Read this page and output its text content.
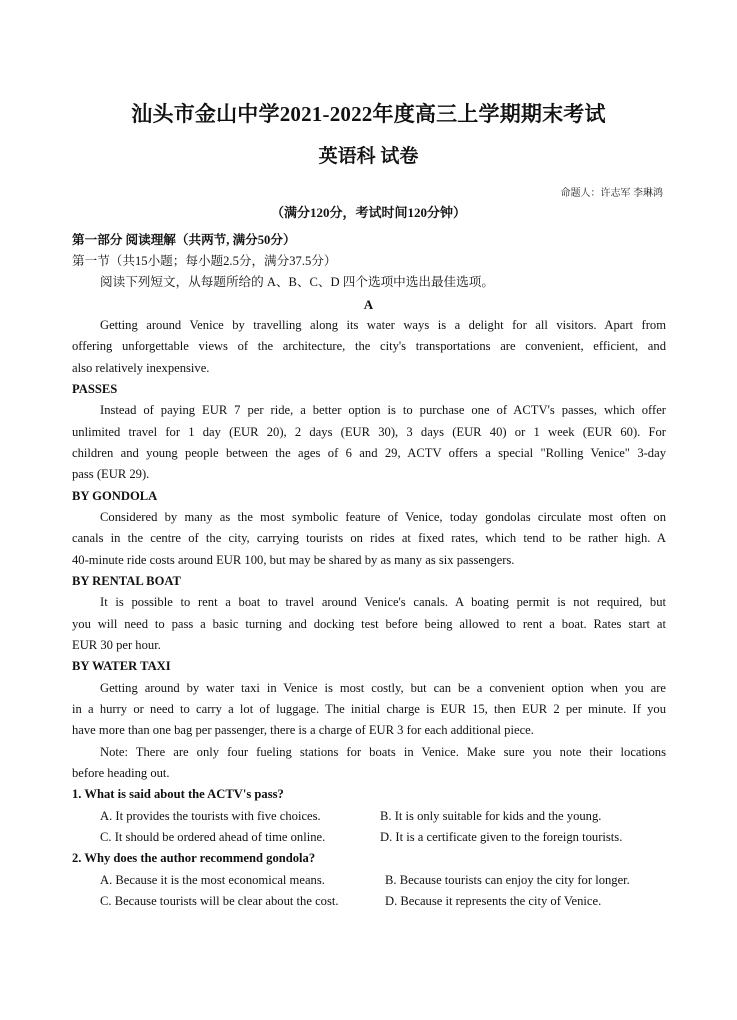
汕头市金山中学2021-2022年度高三上学期期末考试
英语科 试卷
命题人：许志军 李琳鸿
（满分120分，考试时间120分钟）
第一部分 阅读理解（共两节, 满分50分）
第一节（共15小题；每小题2.5分，满分37.5分）
阅读下列短文，从每题所给的 A、B、C、D 四个选项中选出最佳选项。
A
Getting around Venice by travelling along its water ways is a delight for all visitors. Apart from
offering unforgettable views of the architecture, the city's transportations are convenient, efficient, and
also relatively inexpensive.
PASSES
Instead of paying EUR 7 per ride, a better option is to purchase one of ACTV's passes, which offer
unlimited travel for 1 day (EUR 20), 2 days (EUR 30), 3 days (EUR 40) or 1 week (EUR 60). For
children and young people between the ages of 6 and 29, ACTV offers a special "Rolling Venice" 3-day
pass (EUR 29).
BY GONDOLA
Considered by many as the most symbolic feature of Venice, today gondolas circulate most often on
canals in the centre of the city, carrying tourists on rides at fixed rates, which tend to be rather high. A
40-minute ride costs around EUR 100, but may be shared by as many as six passengers.
BY RENTAL BOAT
It is possible to rent a boat to travel around Venice's canals. A boating permit is not required, but
you will need to pass a basic turning and docking test before being allowed to rent a boat. Rates start at
EUR 30 per hour.
BY WATER TAXI
Getting around by water taxi in Venice is most costly, but can be a convenient option when you are
in a hurry or need to carry a lot of luggage. The initial charge is EUR 15, then EUR 2 per minute. If you
have more than one bag per passenger, there is a charge of EUR 3 for each additional piece.
Note: There are only four fueling stations for boats in Venice. Make sure you note their locations
before heading out.
1. What is said about the ACTV's pass?
A. It provides the tourists with five choices.	B. It is only suitable for kids and the young.
C. It should be ordered ahead of time online.	D. It is a certificate given to the foreign tourists.
2. Why does the author recommend gondola?
A. Because it is the most economical means.	B. Because tourists can enjoy the city for longer.
C. Because tourists will be clear about the cost.	D. Because it represents the city of Venice.
